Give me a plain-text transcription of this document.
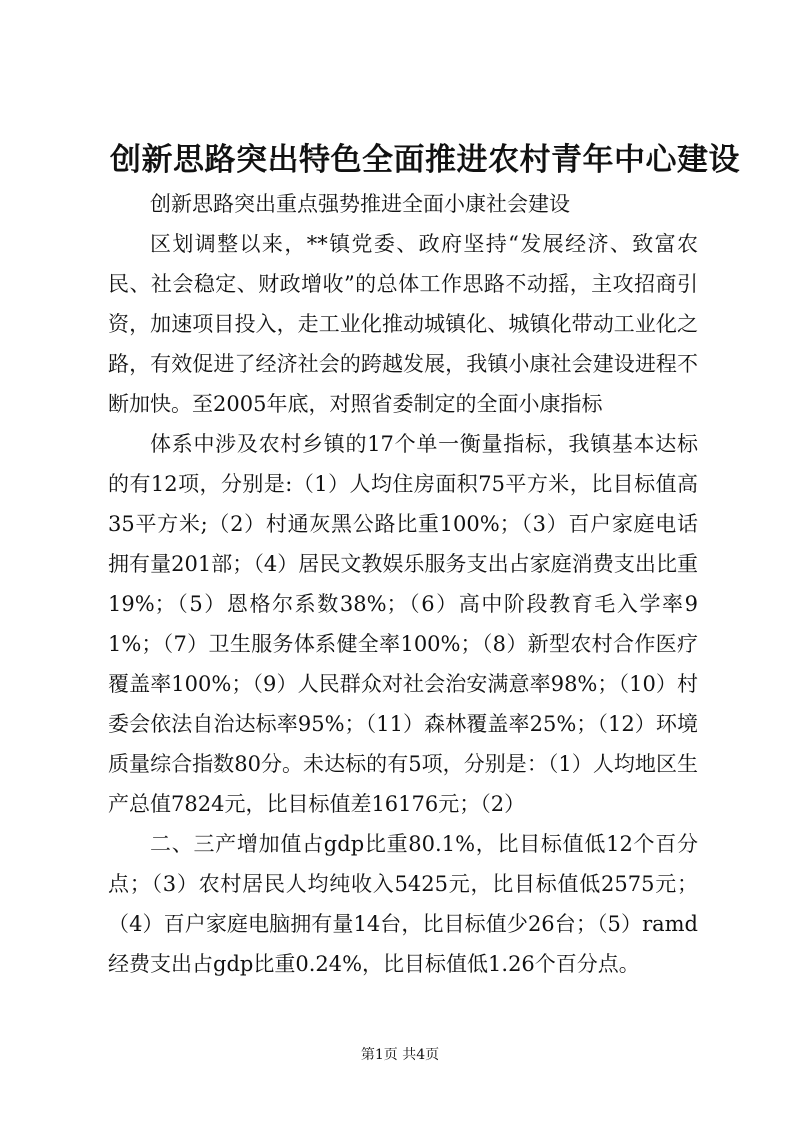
创新思路突出特色全面推进农村青年中心建设

创新思路突出重点强势推进全面小康社会建设

区划调整以来，**镇党委、政府坚持“发展经济、致富农民、社会稳定、财政增收”的总体工作思路不动摇，主攻招商引资，加速项目投入，走工业化推动城镇化、城镇化带动工业化之路，有效促进了经济社会的跨越发展，我镇小康社会建设进程不断加快。至2005年底，对照省委制定的全面小康指标

体系中涉及农村乡镇的17个单一衡量指标，我镇基本达标的有12项，分别是:（1）人均住房面积75平方米，比目标值高35平方米;（2）村通灰黑公路比重100%；（3）百户家庭电话拥有量201部；（4）居民文教娱乐服务支出占家庭消费支出比重19%；（5）恩格尔系数38%；（6）高中阶段教育毛入学率91%；（7）卫生服务体系健全率100%；（8）新型农村合作医疗覆盖率100%；（9）人民群众对社会治安满意率98%；（10）村委会依法自治达标率95%；（11）森林覆盖率25%；（12）环境质量综合指数80分。未达标的有5项，分别是：（1）人均地区生产总值7824元，比目标值差16176元；（2）

二、三产增加值占gdp比重80.1%，比目标值低12个百分点；（3）农村居民人均纯收入5425元，比目标值低2575元；（4）百户家庭电脑拥有量14台，比目标值少26台；（5）ramd经费支出占gdp比重0.24%，比目标值低1.26个百分点。

第1页 共4页
